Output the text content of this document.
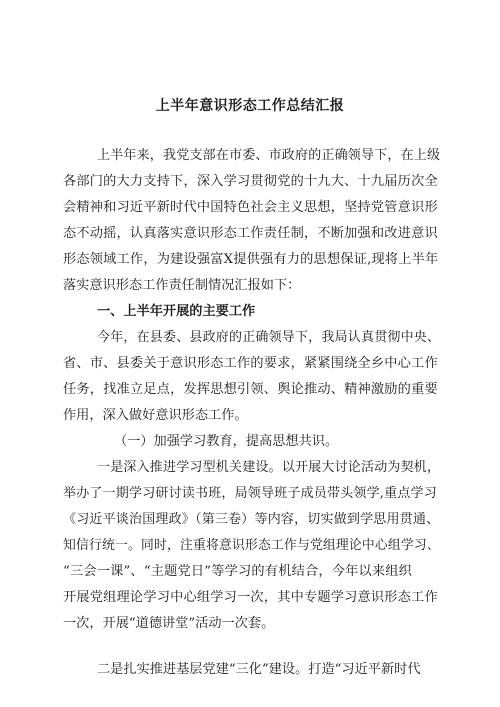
上半年意识形态工作总结汇报
上半年来，我党支部在市委、市政府的正确领导下，在上级
各部门的大力支持下，深入学习贯彻党的十九大、十九届历次全
会精神和习近平新时代中国特色社会主义思想，坚持党管意识形
态不动摇，认真落实意识形态工作责任制，不断加强和改进意识
形态领域工作，为建设强富X提供强有力的思想保证,现将上半年
落实意识形态工作责任制情况汇报如下：
一、上半年开展的主要工作
今年，在县委、县政府的正确领导下，我局认真贯彻中央、
省、市、县委关于意识形态工作的要求，紧紧围绕全乡中心工作
任务，找准立足点，发挥思想引领、舆论推动、精神激励的重要
作用，深入做好意识形态工作。
（一）加强学习教育，提高思想共识。
一是深入推进学习型机关建设。以开展大讨论活动为契机，
举办了一期学习研讨读书班，局领导班子成员带头领学,重点学习
《习近平谈治国理政》（第三卷）等内容，切实做到学思用贯通、
知信行统一。同时，注重将意识形态工作与党组理论中心组学习、
“三会一课”、“主题党日”等学习的有机结合，今年以来组织
开展党组理论学习中心组学习一次，其中专题学习意识形态工作
一次，开展“道德讲堂”活动一次套。
二是扎实推进基层党建“三化”建设。打造“习近平新时代
